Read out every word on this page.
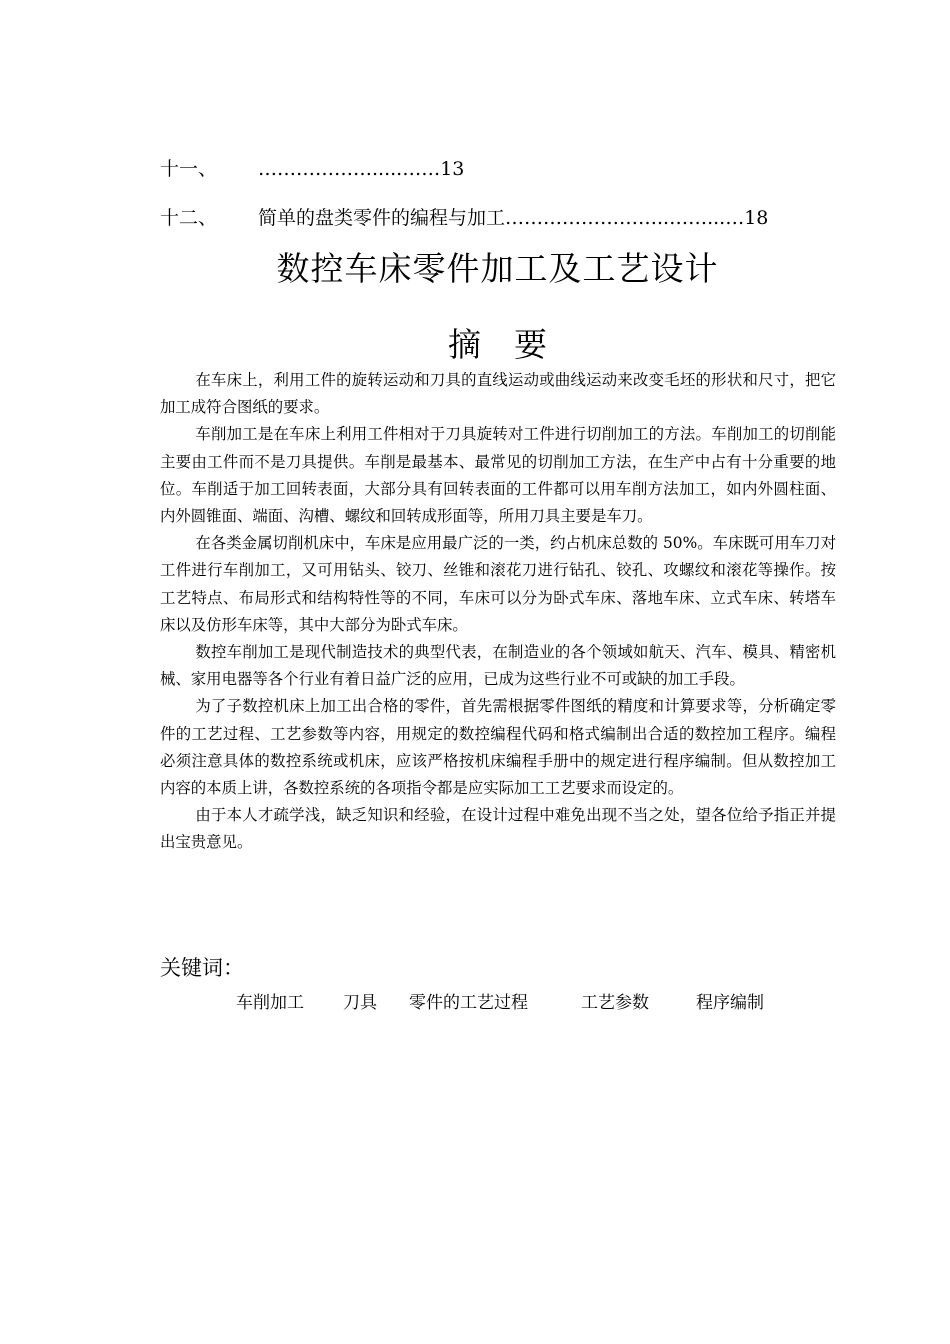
十一、 ……………….....……13
十二、 简单的盘类零件的编程与加工……………………..……...…18
数控车床零件加工及工艺设计
摘　要

在车床上，利用工件的旋转运动和刀具的直线运动或曲线运动来改变毛坯的形状和尺寸，把它加工成符合图纸的要求。

车削加工是在车床上利用工件相对于刀具旋转对工件进行切削加工的方法。车削加工的切削能主要由工件而不是刀具提供。车削是最基本、最常见的切削加工方法，在生产中占有十分重要的地位。车削适于加工回转表面，大部分具有回转表面的工件都可以用车削方法加工，如内外圆柱面、内外圆锥面、端面、沟槽、螺纹和回转成形面等，所用刀具主要是车刀。

在各类金属切削机床中，车床是应用最广泛的一类，约占机床总数的 50%。车床既可用车刀对工件进行车削加工，又可用钻头、铰刀、丝锥和滚花刀进行钻孔、铰孔、攻螺纹和滚花等操作。按工艺特点、布局形式和结构特性等的不同，车床可以分为卧式车床、落地车床、立式车床、转塔车床以及仿形车床等，其中大部分为卧式车床。

数控车削加工是现代制造技术的典型代表，在制造业的各个领域如航天、汽车、模具、精密机械、家用电器等各个行业有着日益广泛的应用，已成为这些行业不可或缺的加工手段。

为了子数控机床上加工出合格的零件，首先需根据零件图纸的精度和计算要求等，分析确定零件的工艺过程、工艺参数等内容，用规定的数控编程代码和格式编制出合适的数控加工程序。编程必须注意具体的数控系统或机床，应该严格按机床编程手册中的规定进行程序编制。但从数控加工内容的本质上讲，各数控系统的各项指令都是应实际加工工艺要求而设定的。

由于本人才疏学浅，缺乏知识和经验，在设计过程中难免出现不当之处，望各位给予指正并提出宝贵意见。

关键词：
车削加工 刀具 零件的工艺过程	工艺参数	程序编制
